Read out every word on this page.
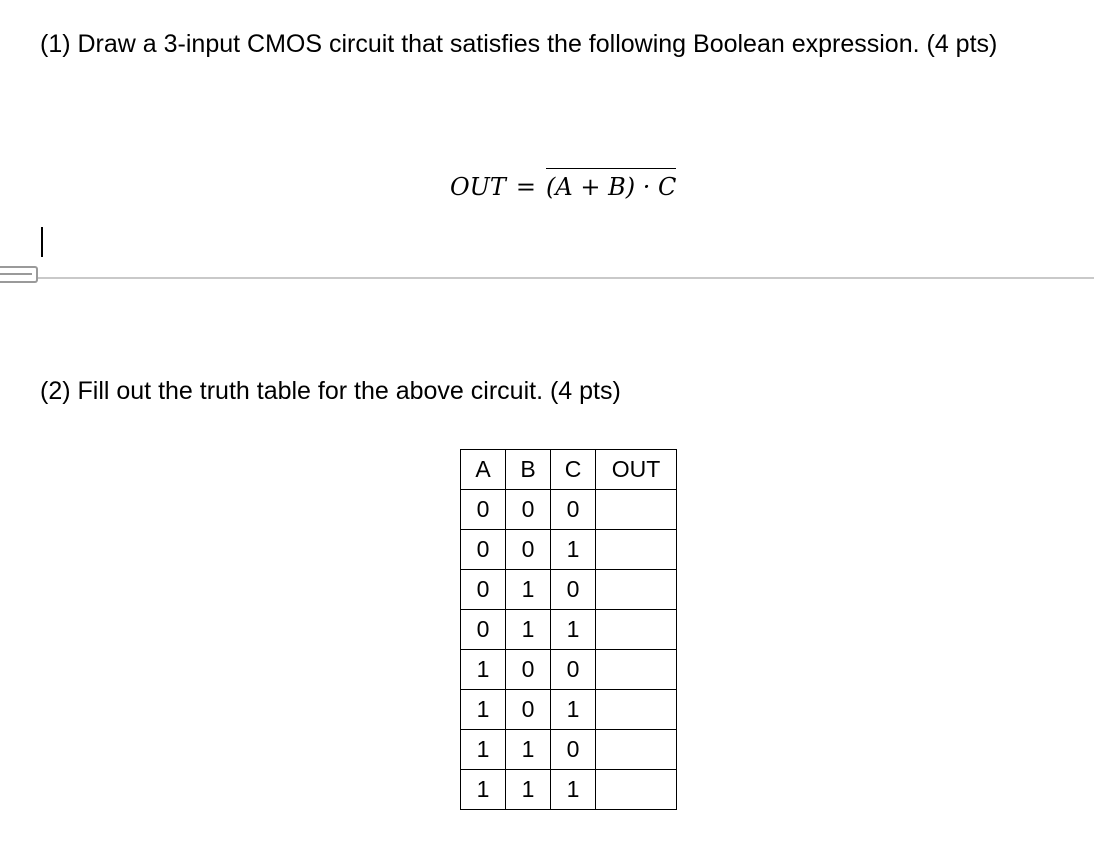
(1) Draw a 3-input CMOS circuit that satisfies the following Boolean expression. (4 pts)

OUT = (A + B) · C

(2) Fill out the truth table for the above circuit. (4 pts)

A	B	C	OUT
0	0	0	
0	0	1	
0	1	0	
0	1	1	
1	0	0	
1	0	1	
1	1	0	
1	1	1	
